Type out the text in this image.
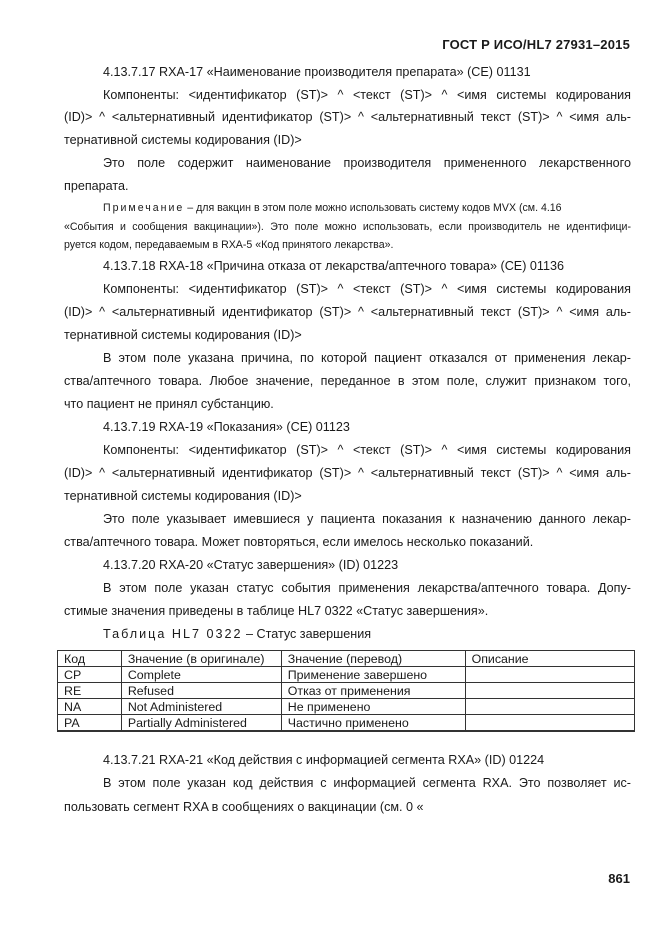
ГОСТ Р ИСО/HL7 27931–2015
4.13.7.17 RXA-17 «Наименование производителя препарата» (CE) 01131
Компоненты: <идентификатор (ST)> ^ <текст (ST)> ^ <имя системы кодирования
(ID)> ^ <альтернативный идентификатор (ST)> ^ <альтернативный текст (ST)> ^ <имя аль-
тернативной системы кодирования (ID)>
Это поле содержит наименование производителя примененного лекарственного
препарата.
Примечание – для вакцин в этом поле можно использовать систему кодов MVX (см. 4.16
«События и сообщения вакцинации»). Это поле можно использовать, если производитель не идентифици-
руется кодом, передаваемым в RXA-5 «Код принятого лекарства».
4.13.7.18 RXA-18 «Причина отказа от лекарства/аптечного товара» (CE) 01136
Компоненты: <идентификатор (ST)> ^ <текст (ST)> ^ <имя системы кодирования
(ID)> ^ <альтернативный идентификатор (ST)> ^ <альтернативный текст (ST)> ^ <имя аль-
тернативной системы кодирования (ID)>
В этом поле указана причина, по которой пациент отказался от применения лекар-
ства/аптечного товара. Любое значение, переданное в этом поле, служит признаком того,
что пациент не принял субстанцию.
4.13.7.19 RXA-19 «Показания» (CE) 01123
Компоненты: <идентификатор (ST)> ^ <текст (ST)> ^ <имя системы кодирования
(ID)> ^ <альтернативный идентификатор (ST)> ^ <альтернативный текст (ST)> ^ <имя аль-
тернативной системы кодирования (ID)>
Это поле указывает имевшиеся у пациента показания к назначению данного лекар-
ства/аптечного товара. Может повторяться, если имелось несколько показаний.
4.13.7.20 RXA-20 «Статус завершения» (ID) 01223
В этом поле указан статус события применения лекарства/аптечного товара. Допу-
стимые значения приведены в таблице HL7 0322 «Статус завершения».
Таблица HL7 0322 – Статус завершения
Код	Значение (в оригинале)	Значение (перевод)	Описание
CP	Complete	Применение завершено	
RE	Refused	Отказ от применения	
NA	Not Administered	Не применено	
PA	Partially Administered	Частично применено	
4.13.7.21 RXA-21 «Код действия с информацией сегмента RXA» (ID) 01224
В этом поле указан код действия с информацией сегмента RXA. Это позволяет ис-
пользовать сегмент RXA в сообщениях о вакцинации (см. 0 «
861
